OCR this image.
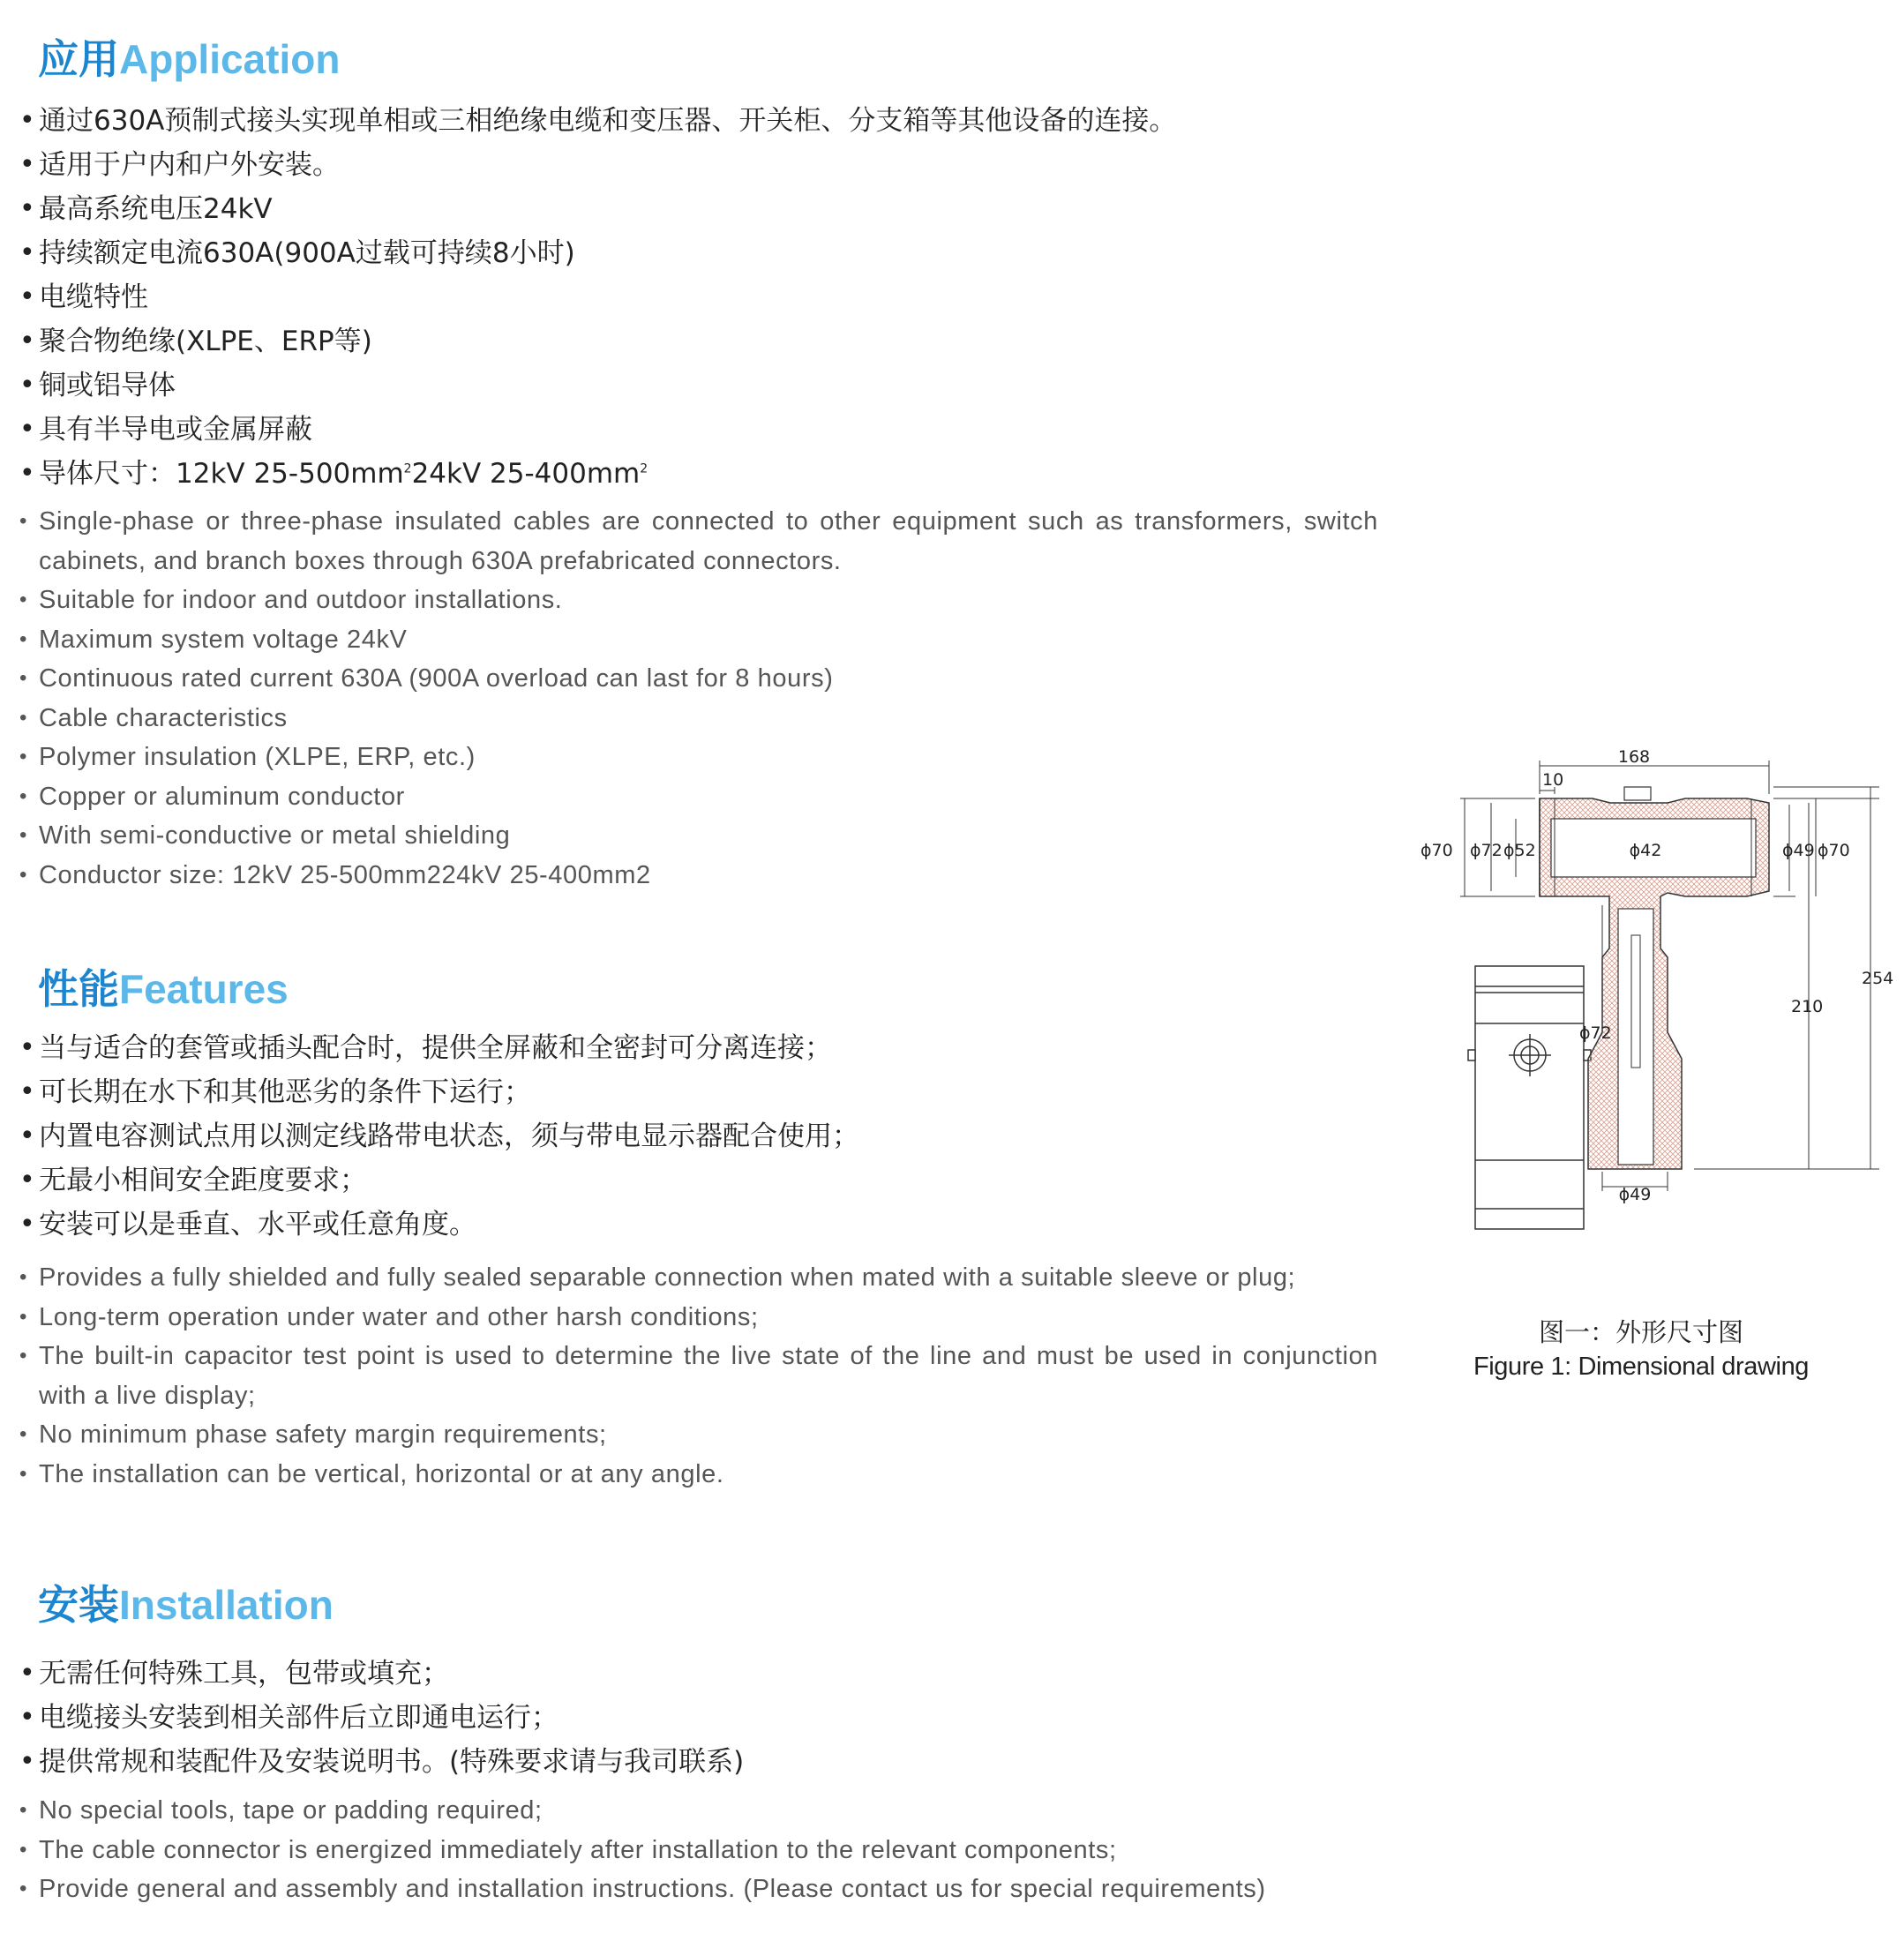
应用Application
• 通过630A预制式接头实现单相或三相绝缘电缆和变压器、开关柜、分支箱等其他设备的连接。
• 适用于户内和户外安装。
• 最高系统电压24kV
• 持续额定电流630A(900A过载可持续8小时)
• 电缆特性
• 聚合物绝缘(XLPE、ERP等)
• 铜或铝导体
• 具有半导电或金属屏蔽
• 导体尺寸：12kV $25-500mm^224kV$ $25-400mm^2$
• Single-phase or three-phase insulated cables are connected to other equipment such as transformers, switch cabinets, and branch boxes through 630A prefabricated connectors.
• Suitable for indoor and outdoor installations.
• Maximum system voltage 24kV
• Continuous rated current 630A (900A overload can last for 8 hours)
• Cable characteristics
• Polymer insulation (XLPE, ERP, etc.)
• Copper or aluminum conductor
• With semi-conductive or metal shielding
• Conductor size: 12kV 25-500mm224kV 25-400mm2
性能Features
• 当与适合的套管或插头配合时，提供全屏蔽和全密封可分离连接；
• 可长期在水下和其他恶劣的条件下运行；
• 内置电容测试点用以测定线路带电状态，须与带电显示器配合使用；
• 无最小相间安全距度要求；
• 安装可以是垂直、水平或任意角度。
• Provides a fully shielded and fully sealed separable connection when mated with a suitable sleeve or plug;
• Long-term operation under water and other harsh conditions;
• The built-in capacitor test point is used to determine the live state of the line and must be used in conjunction with a live display;
• No minimum phase safety margin requirements;
• The installation can be vertical, horizontal or at any angle.
安装Installation
• 无需任何特殊工具，包带或填充；
• 电缆接头安装到相关部件后立即通电运行；
• 提供常规和装配件及安装说明书。(特殊要求请与我司联系)
• No special tools, tape or padding required;
• The cable connector is energized immediately after installation to the relevant components;
• Provide general and assembly and installation instructions. (Please contact us for special requirements)
168
10
ϕ70 ϕ72 ϕ52	ϕ42	ϕ49 ϕ70
254
210
ϕ72
ϕ49
图一：外形尺寸图
Figure 1: Dimensional drawing
